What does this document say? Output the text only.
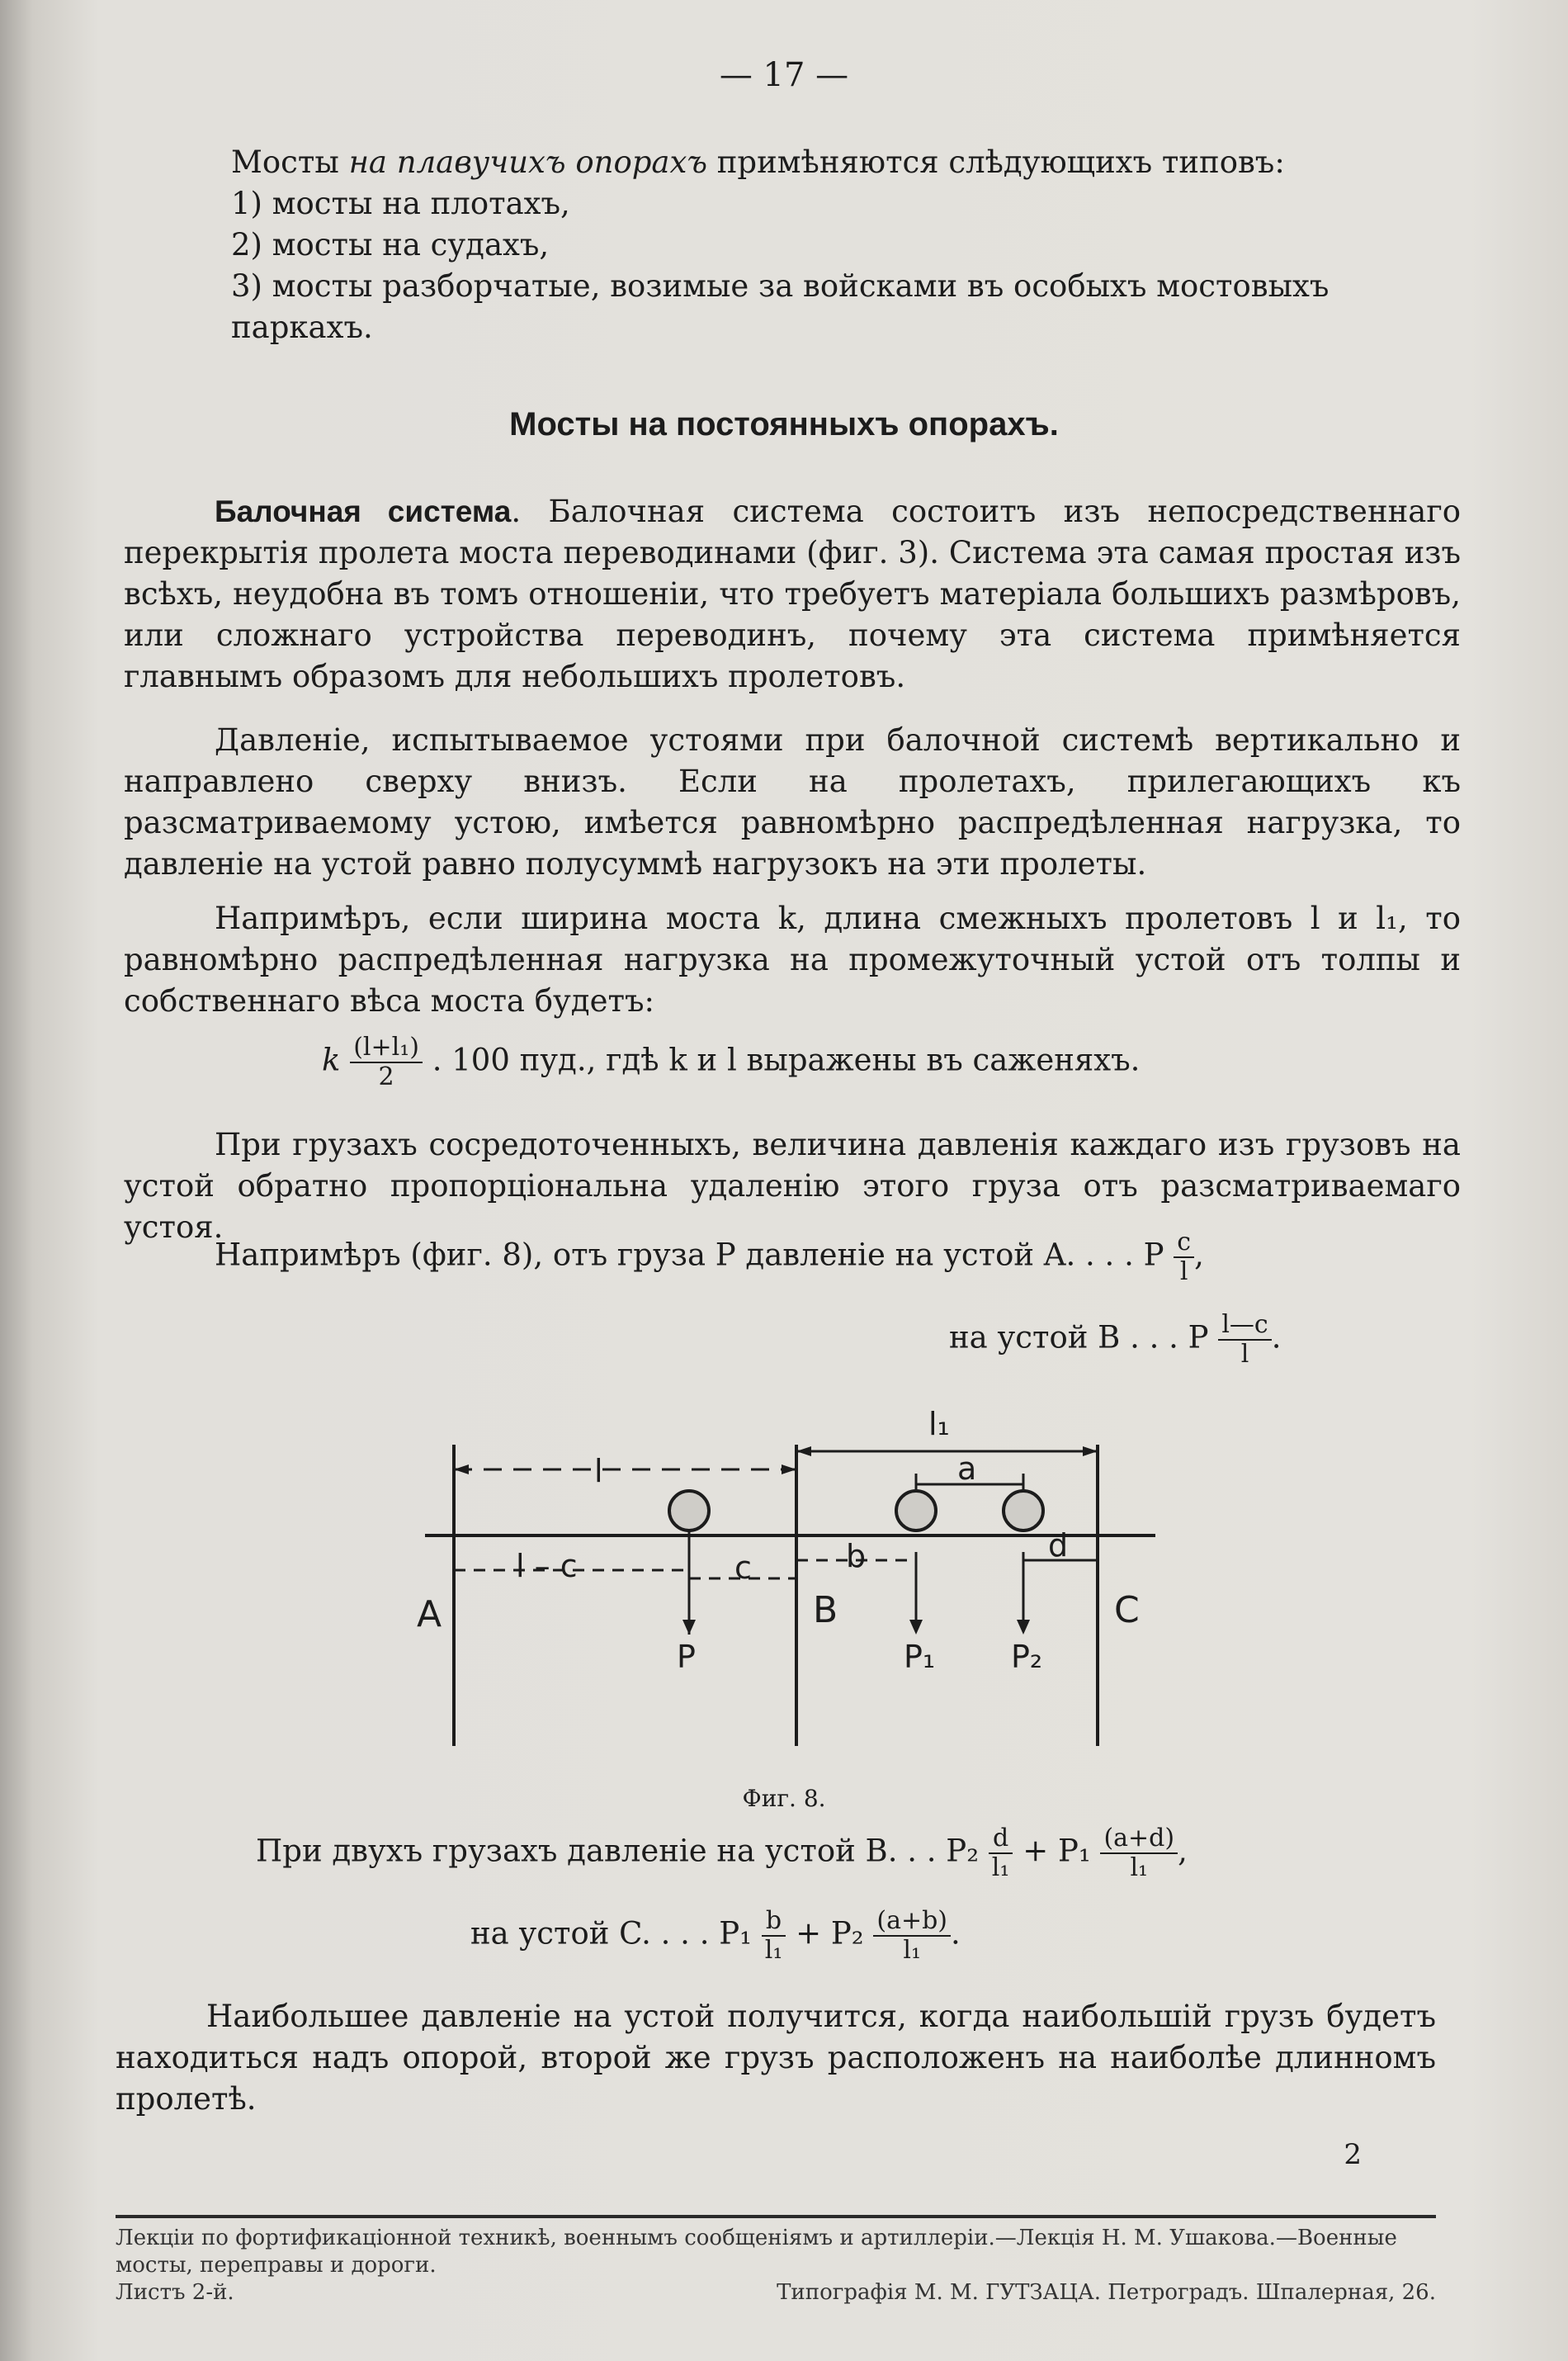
— 17 —

Мосты на плавучихъ опорахъ примѣняются слѣдующихъ типовъ:

1) мосты на плотахъ,

2) мосты на судахъ,

3) мосты разборчатые, возимые за войсками въ особыхъ мостовыхъ паркахъ.

Мосты на постоянныхъ опорахъ.

Балочная система. Балочная система состоитъ изъ непосредственнаго перекрытія пролета моста переводинами (фиг. 3). Система эта самая простая изъ всѣхъ, неудобна въ томъ отношеніи, что требуетъ матеріала большихъ размѣровъ, или сложнаго устройства переводинъ, почему эта система примѣняется главнымъ образомъ для небольшихъ пролетовъ.

Давленіе, испытываемое устоями при балочной системѣ вертикально и направлено сверху внизъ. Если на пролетахъ, прилегающихъ къ разсматриваемому устою, имѣется равномѣрно распредѣленная нагрузка, то давленіе на устой равно полусуммѣ нагрузокъ на эти пролеты.

Напримѣръ, если ширина моста k, длина смежныхъ пролетовъ l и l₁, то равномѣрно распредѣленная нагрузка на промежуточный устой отъ толпы и собственнаго вѣса моста будетъ:

k $\frac{\text{(l+l₁)}}{2}$ . 100 пуд., гдѣ k и l выражены въ саженяхъ.

При грузахъ сосредоточенныхъ, величина давленія каждаго изъ грузовъ на устой обратно пропорціональна удаленію этого груза отъ разсматриваемаго устоя.

Напримѣръ (фиг. 8), отъ груза P давленіе на устой A. . . . P $\frac{c}{l}$ ,
на устой B . . . P $\frac{l—c}{l}$ .
l
l₁
a
l – c	c	b	d
A	B	C
P	P₁ P₂
Фиг. 8.
При двухъ грузахъ давленіе на устой B. . . $P_2 \frac{d}{\text{l₁}} + P_1 \frac{(a+d)}{\text{l₁}}$ ,
на устой C. . . . $P_1 \frac{b}{\text{l₁}} + P_2 \frac{(a+b)}{\text{l₁}}$ .

Наибольшее давленіе на устой получится, когда наибольшій грузъ будетъ находиться надъ опорой, второй же грузъ расположенъ на наиболѣе длинномъ пролетѣ.

2
Лекціи по фортификаціонной техникѣ, военнымъ сообщеніямъ и артиллеріи.—Лекція Н. М. Ушакова.—Военные мосты, переправы и дороги.
Листъ 2-й.	Типографія М. М. ГУТЗАЦА. Петроградъ. Шпалерная, 26.
